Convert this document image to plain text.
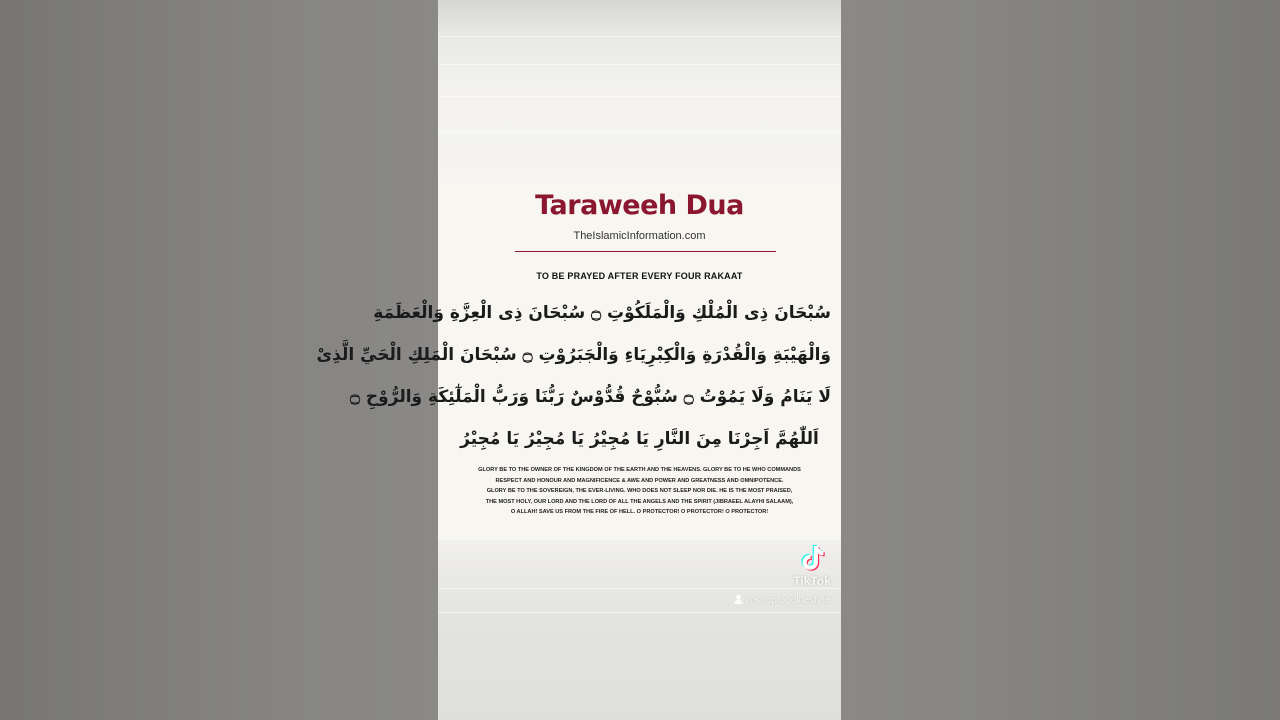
Taraweeh Dua
TheIslamicInformation.com
TO BE PRAYED AFTER EVERY FOUR RAKAAT
سُبْحَانَ ذِى الْمُلْكِ وَالْمَلَكُوْتِ ۝ سُبْحَانَ ذِى الْعِزَّةِ وَالْعَظَمَةِ
وَالْهَيْبَةِ وَالْقُدْرَةِ وَالْكِبْرِيَاءِ وَالْجَبَرُوْتِ ۝ سُبْحَانَ الْمَلِكِ الْحَيِّ الَّذِىْ
لَا يَنَامُ وَلَا يَمُوْتُ ۝ سُبُّوْحٌ قُدُّوْسٌ رَبُّنَا وَرَبُّ الْمَلٰٓئِكَةِ وَالرُّوْحِ ۝
اَللّٰهُمَّ اَجِرْنَا مِنَ النَّارِ يَا مُجِيْرُ يَا مُجِيْرُ يَا مُجِيْرُ
GLORY BE TO THE OWNER OF THE KINGDOM OF THE EARTH AND THE HEAVENS. GLORY BE TO HE WHO COMMANDS
RESPECT AND HONOUR AND MAGNIFICENCE & AWE AND POWER AND GREATNESS AND OMNIPOTENCE.
GLORY BE TO THE SOVEREIGN, THE EVER-LIVING. WHO DOES NOT SLEEP NOR DIE. HE IS THE MOST PRAISED,
THE MOST HOLY, OUR LORD AND THE LORD OF ALL THE ANGELS AND THE SPIRIT (JIBRAEEL ALAYHI SALAAM),
O ALLAH! SAVE US FROM THE FIRE OF HELL. O PROTECTOR! O PROTECTOR! O PROTECTOR!
TikTok
@shopfoodlifestyle
